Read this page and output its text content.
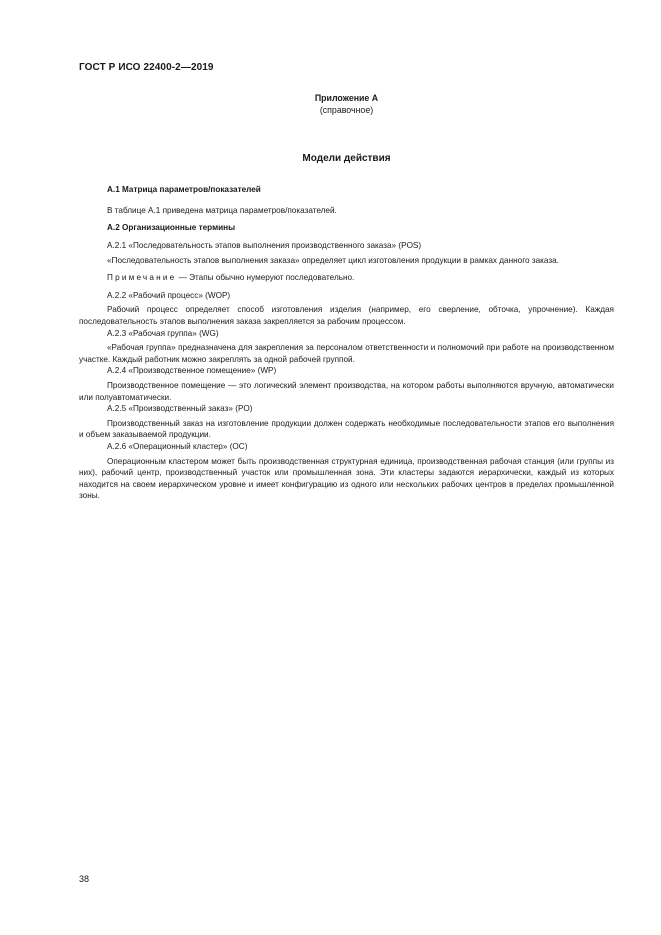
ГОСТ Р ИСО 22400-2—2019
Приложение А
(справочное)
Модели действия

А.1 Матрица параметров/показателей

В таблице А.1 приведена матрица параметров/показателей.

А.2 Организационные термины

А.2.1 «Последовательность этапов выполнения производственного заказа» (POS)

«Последовательность этапов выполнения заказа» определяет цикл изготовления продукции в рамках данного заказа.

Примечание — Этапы обычно нумеруют последовательно.

А.2.2 «Рабочий процесс» (WOP)

Рабочий процесс определяет способ изготовления изделия (например, его сверление, обточка, упрочнение). Каждая последовательность этапов выполнения заказа закрепляется за рабочим процессом.

А.2.3 «Рабочая группа» (WG)

«Рабочая группа» предназначена для закрепления за персоналом ответственности и полномочий при работе на производственном участке. Каждый работник можно закреплять за одной рабочей группой.

А.2.4 «Производственное помещение» (WP)

Производственное помещение — это логический элемент производства, на котором работы выполняются вручную, автоматически или полуавтоматически.

А.2.5 «Производственный заказ» (PO)

Производственный заказ на изготовление продукции должен содержать необходимые последовательности этапов его выполнения и объем заказываемой продукции.

А.2.6 «Операционный кластер» (OC)

Операционным кластером может быть производственная структурная единица, производственная рабочая станция (или группы из них), рабочий центр, производственный участок или промышленная зона. Эти кластеры задаются иерархически, каждый из которых находится на своем иерархическом уровне и имеет конфигурацию из одного или нескольких рабочих центров в пределах промышленной зоны.

38
